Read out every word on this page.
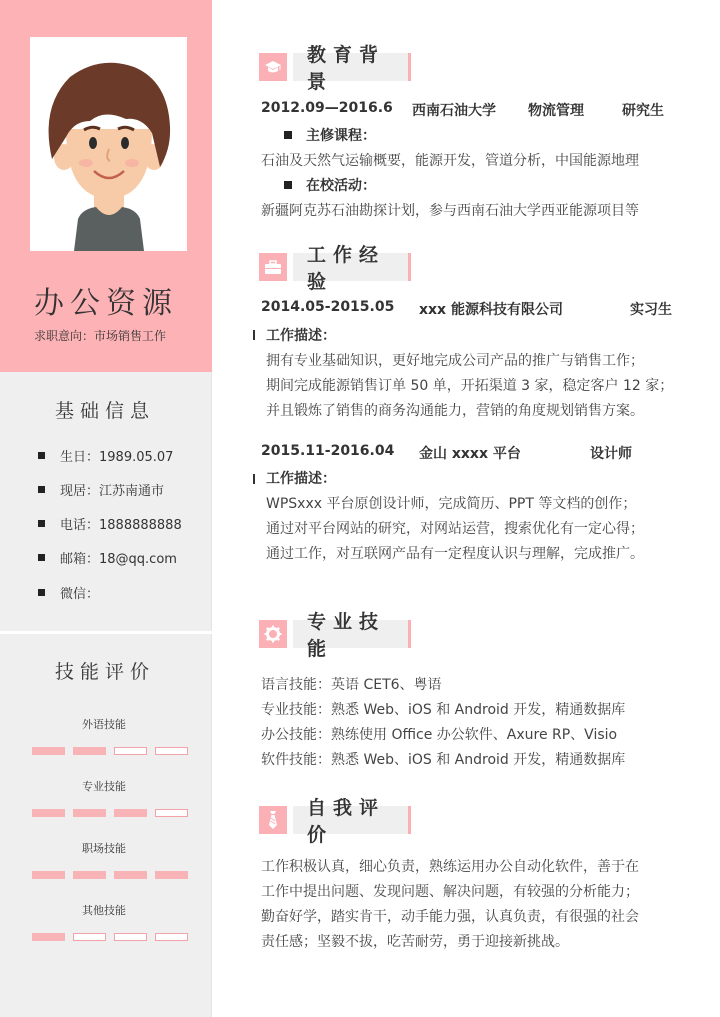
办公资源
求职意向：市场销售工作
基础信息
生日：1989.05.07
现居：江苏南通市
电话：1888888888
邮箱：18@qq.com
微信：
技能评价
外语技能
专业技能
职场技能
其他技能
教育背景
2012.09—2016.6 西南石油大学 物流管理	研究生
主修课程：
石油及天然气运输概要，能源开发，管道分析，中国能源地理
在校活动：
新疆阿克苏石油勘探计划，参与西南石油大学西亚能源项目等
工作经验
2014.05-2015.05 xxx 能源科技有限公司	实习生
工作描述：
拥有专业基础知识，更好地完成公司产品的推广与销售工作；
期间完成能源销售订单 50 单，开拓渠道 3 家，稳定客户 12 家；
并且锻炼了销售的商务沟通能力，营销的角度规划销售方案。
2015.11-2016.04 金山 xxxx 平台	设计师
工作描述：
WPSxxx 平台原创设计师，完成简历、PPT 等文档的创作；
通过对平台网站的研究，对网站运营，搜索优化有一定心得；
通过工作，对互联网产品有一定程度认识与理解，完成推广。
专业技能
语言技能：英语 CET6、粤语
专业技能：熟悉 Web、iOS 和 Android 开发，精通数据库
办公技能：熟练使用 Office 办公软件、Axure RP、Visio
软件技能：熟悉 Web、iOS 和 Android 开发，精通数据库
自我评价
工作积极认真，细心负责，熟练运用办公自动化软件，善于在
工作中提出问题、发现问题、解决问题，有较强的分析能力；
勤奋好学，踏实肯干，动手能力强，认真负责，有很强的社会
责任感；坚毅不拔，吃苦耐劳，勇于迎接新挑战。
